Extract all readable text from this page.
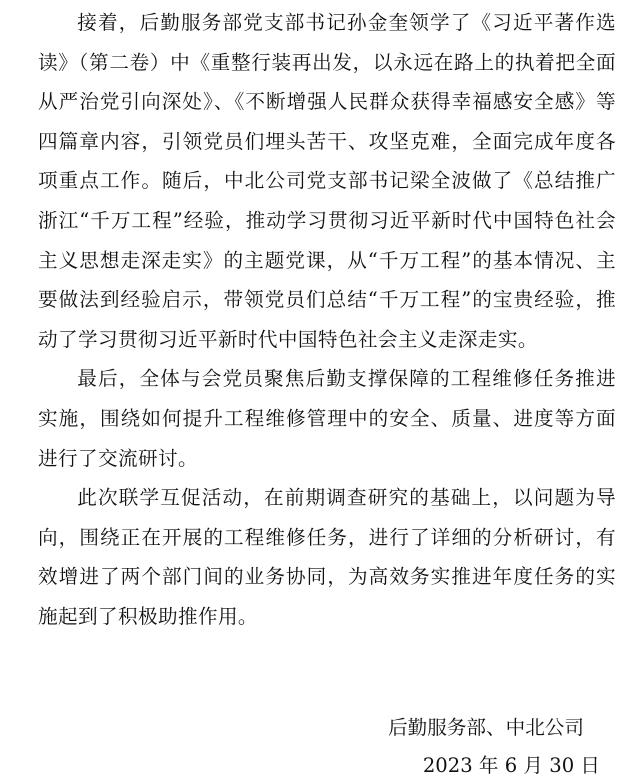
接着，后勤服务部党支部书记孙金奎领学了《习近平著作选读》（第二卷）中《重整行装再出发，以永远在路上的执着把全面从严治党引向深处》、《不断增强人民群众获得幸福感安全感》等四篇章内容，引领党员们埋头苦干、攻坚克难，全面完成年度各项重点工作。随后，中北公司党支部书记梁全波做了《总结推广浙江“千万工程”经验，推动学习贯彻习近平新时代中国特色社会主义思想走深走实》的主题党课，从“千万工程”的基本情况、主要做法到经验启示，带领党员们总结“千万工程”的宝贵经验，推动了学习贯彻习近平新时代中国特色社会主义走深走实。

最后，全体与会党员聚焦后勤支撑保障的工程维修任务推进实施，围绕如何提升工程维修管理中的安全、质量、进度等方面进行了交流研讨。

此次联学互促活动，在前期调查研究的基础上，以问题为导向，围绕正在开展的工程维修任务，进行了详细的分析研讨，有效增进了两个部门间的业务协同，为高效务实推进年度任务的实施起到了积极助推作用。

后勤服务部、中北公司

2023 年 6 月 30 日
